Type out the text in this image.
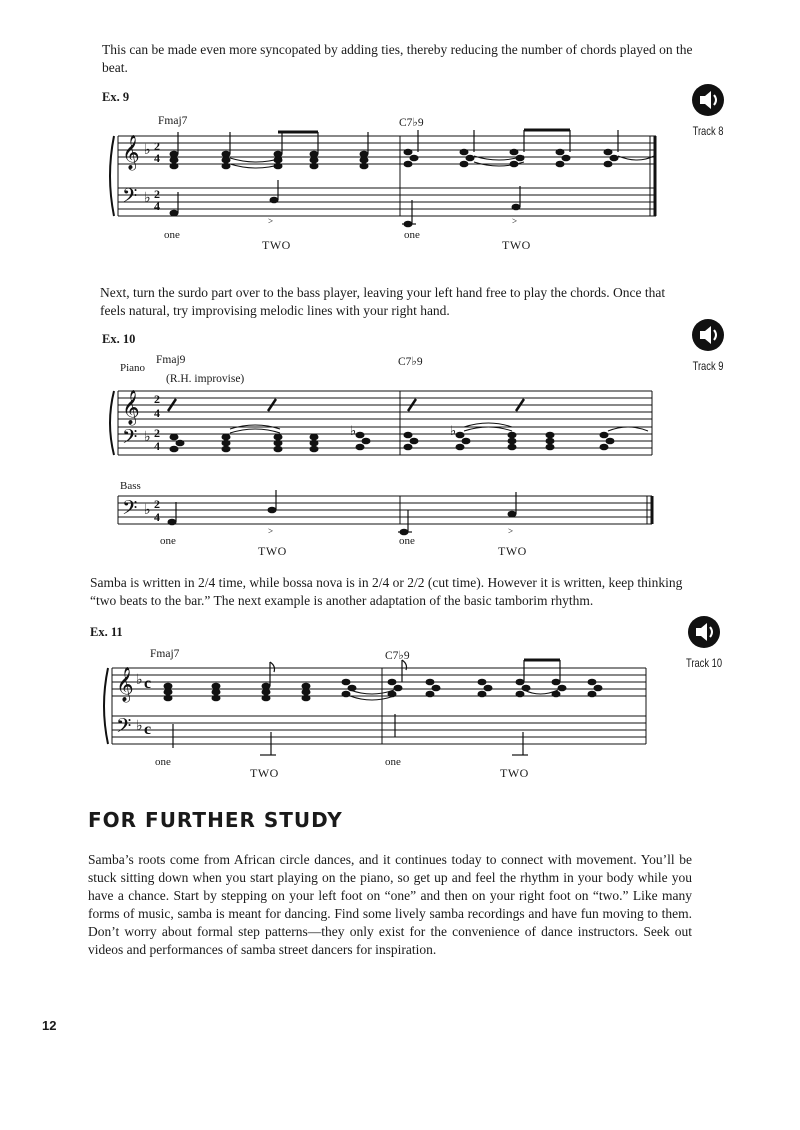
This can be made even more syncopated by adding ties, thereby reducing the number of chords played on the beat.

Ex. 9
Track 8
Fmaj7	C7♭9
𝄞
𝄢
♭
♭
2
4
2
4
>	>
one
TWO
one
TWO

Next, turn the surdo part over to the bass player, leaving your left hand free to play the chords. Once that feels natural, try improvising melodic lines with your right hand.

Ex. 10
Track 9
Piano
Fmaj9	C7♭9
(R.H. improvise)
𝄞
𝄢 ♭
2
4
2
4
♭	♭
Bass
𝄢 ♭ 2
4
>	>
one
TWO
one
TWO

Samba is written in 2/4 time, while bossa nova is in 2/4 or 2/2 (cut time). However it is written, keep thinking “two beats to the bar.” The next example is another adaptation of the basic tamborim rhythm.

Ex. 11
Track 10
Fmaj7	C7♭9
𝄞
𝄢
♭
♭
c
c
one
TWO
one
TWO
FOR FURTHER STUDY

Samba’s roots come from African circle dances, and it continues today to connect with movement. You’ll be stuck sitting down when you start playing on the piano, so get up and feel the rhythm in your body while you have a chance. Start by stepping on your left foot on “one” and then on your right foot on “two.” Like many forms of music, samba is meant for dancing. Find some lively samba recordings and have fun moving to them. Don’t worry about formal step patterns—they only exist for the convenience of dance instructors. Seek out videos and performances of samba street dancers for inspiration.

12
